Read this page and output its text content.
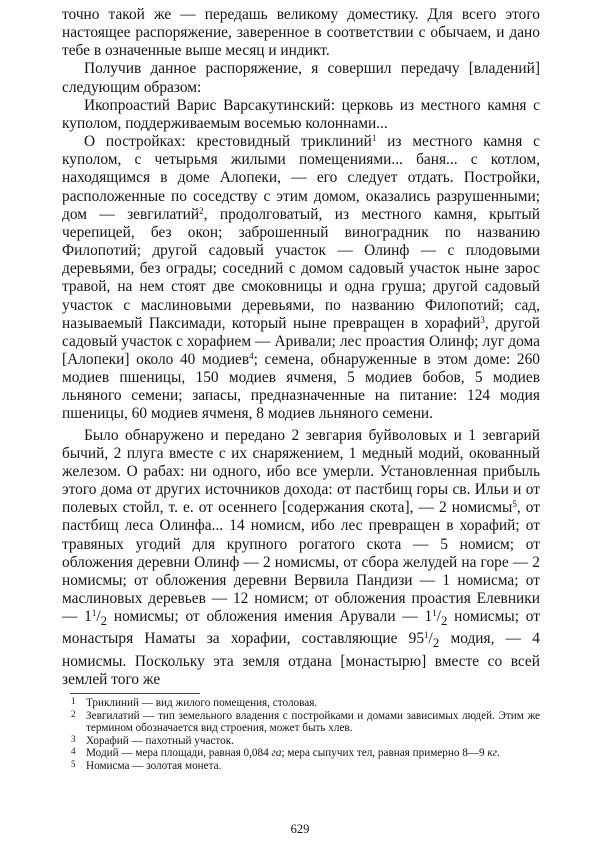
точно такой же — передашь великому доместику. Для всего этого настоящее распоряжение, заверенное в соответствии с обычаем, и дано тебе в означенные выше месяц и индикт.

Получив данное распоряжение, я совершил передачу [владений] следующим образом:

Икопроастий Варис Варсакутинский: церковь из местного камня с куполом, поддерживаемым восемью колоннами...

О постройках: крестовидный триклиний$^1$ из местного камня с куполом, с четырьмя жилыми помещениями... баня... с котлом, находящимся в доме Алопеки, — его следует отдать. Постройки, расположенные по соседству с этим домом, оказались разрушенными; дом — зевгилатий$^2$, продолговатый, из местного камня, крытый черепицей, без окон; заброшенный виноградник по названию Филопотий; другой садовый участок — Олинф — с плодовыми деревьями, без ограды; соседний с домом садовый участок ныне зарос травой, на нем стоят две смоковницы и одна груша; другой садовый участок с маслиновыми деревьями, по названию Филопотий; сад, называемый Паксимади, который ныне превращен в хорафий$^3$, другой садовый участок с хорафием — Аривали; лес проастия Олинф; луг дома [Алопеки] около 40 модиев$^4$; семена, обнаруженные в этом доме: 260 модиев пшеницы, 150 модиев ячменя, 5 модиев бобов, 5 модиев льняного семени; запасы, предназначенные на питание: 124 модия пшеницы, 60 модиев ячменя, 8 модиев льняного семени.

Было обнаружено и передано 2 зевгария буйволовых и 1 зевгарий бычий, 2 плуга вместе с их снаряжением, 1 медный модий, окованный железом. О рабах: ни одного, ибо все умерли. Установленная прибыль этого дома от других источников дохода: от пастбищ горы св. Ильи и от полевых стойл, т. е. от осеннего [содержания скота], — 2 номисмы$^5$, от пастбищ леса Олинфа... 14 номисм, ибо лес превращен в хорафий; от травяных угодий для крупного рогатого скота — 5 номисм; от обложения деревни Олинф — 2 номисмы, от сбора желудей на горе — 2 номисмы; от обложения деревни Вервила Пандизи — 1 номисма; от маслиновых деревьев — 12 номисм; от обложения проастия Елевники — $1^1/_2$ номисмы; от обложения имения Арували — $1^1/_2$ номисмы; от монастыря Наматы за хорафии, составляющие $95^1/_2$ модия, — 4 номисмы. Поскольку эта земля отдана [монастырю] вместе со всей землей того же

1 Триклиний — вид жилого помещения, столовая.

2 Зевгилатий — тип земельного владения с постройками и домами зависимых людей. Этим же термином обозначается вид строения, может быть хлев.

3 Хорафий — пахотный участок.

4 Модий — мера площади, равная 0,084 га; мера сыпучих тел, равная примерно 8—9 кг.

5 Номисма — золотая монета.

629
